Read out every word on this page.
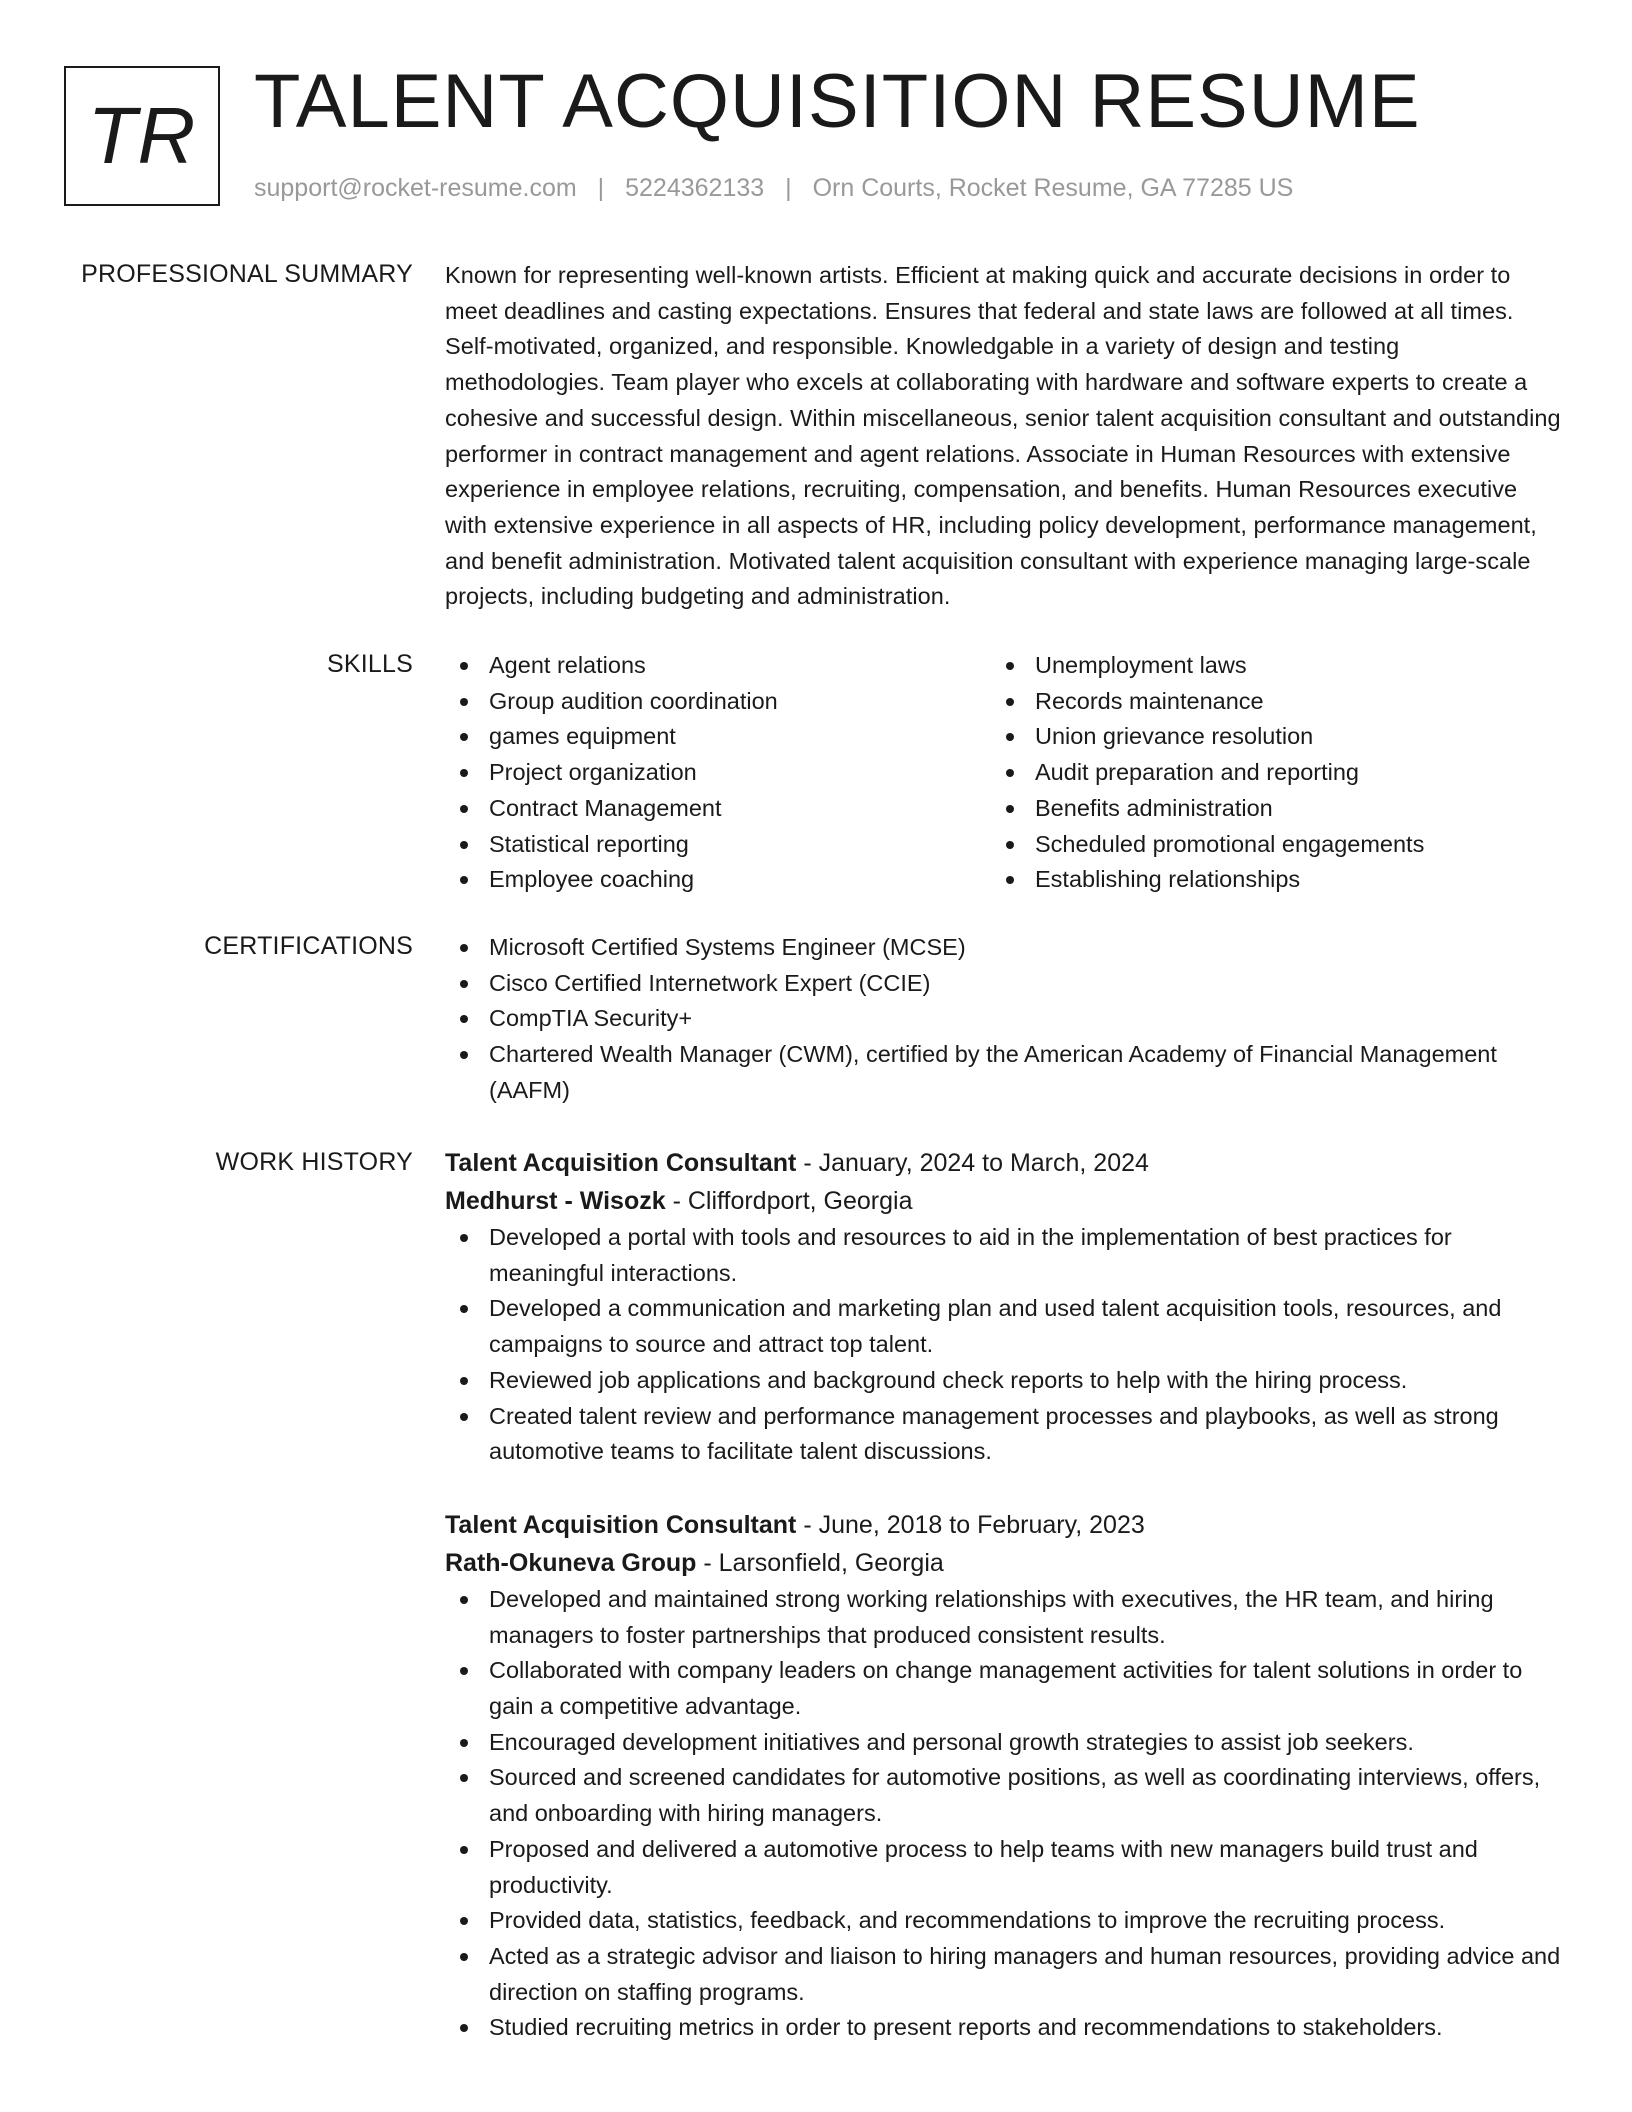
TR TALENT ACQUISITION RESUME
support@rocket-resume.com | 5224362133 | Orn Courts, Rocket Resume, GA 77285 US
PROFESSIONAL SUMMARY Known for representing well-known artists. Efficient at making quick and accurate decisions in order to meet deadlines and casting expectations. Ensures that federal and state laws are followed at all times. Self-motivated, organized, and responsible. Knowledgable in a variety of design and testing methodologies. Team player who excels at collaborating with hardware and software experts to create a cohesive and successful design. Within miscellaneous, senior talent acquisition consultant and outstanding performer in contract management and agent relations. Associate in Human Resources with extensive experience in employee relations, recruiting, compensation, and benefits. Human Resources executive with extensive experience in all aspects of HR, including policy development, performance management, and benefit administration. Motivated talent acquisition consultant with experience managing large-scale projects, including budgeting and administration.

SKILLS	Agent relations
Group audition coordination
games equipment
Project organization
Contract Management
Statistical reporting
Employee coaching
Unemployment laws
Records maintenance
Union grievance resolution
Audit preparation and reporting
Benefits administration
Scheduled promotional engagements
Establishing relationships
CERTIFICATIONS	Microsoft Certified Systems Engineer (MCSE)
Cisco Certified Internetwork Expert (CCIE)
CompTIA Security+
Chartered Wealth Manager (CWM), certified by the American Academy of Financial Management (AAFM)
WORK HISTORY Talent Acquisition Consultant - January, 2024 to March, 2024
Medhurst - Wisozk - Cliffordport, Georgia
Developed a portal with tools and resources to aid in the implementation of best practices for meaningful interactions.
Developed a communication and marketing plan and used talent acquisition tools, resources, and campaigns to source and attract top talent.
Reviewed job applications and background check reports to help with the hiring process.
Created talent review and performance management processes and playbooks, as well as strong automotive teams to facilitate talent discussions.
Talent Acquisition Consultant - June, 2018 to February, 2023
Rath-Okuneva Group - Larsonfield, Georgia
Developed and maintained strong working relationships with executives, the HR team, and hiring managers to foster partnerships that produced consistent results.
Collaborated with company leaders on change management activities for talent solutions in order to gain a competitive advantage.
Encouraged development initiatives and personal growth strategies to assist job seekers.
Sourced and screened candidates for automotive positions, as well as coordinating interviews, offers, and onboarding with hiring managers.
Proposed and delivered a automotive process to help teams with new managers build trust and productivity.
Provided data, statistics, feedback, and recommendations to improve the recruiting process.
Acted as a strategic advisor and liaison to hiring managers and human resources, providing advice and direction on staffing programs.
Studied recruiting metrics in order to present reports and recommendations to stakeholders.
